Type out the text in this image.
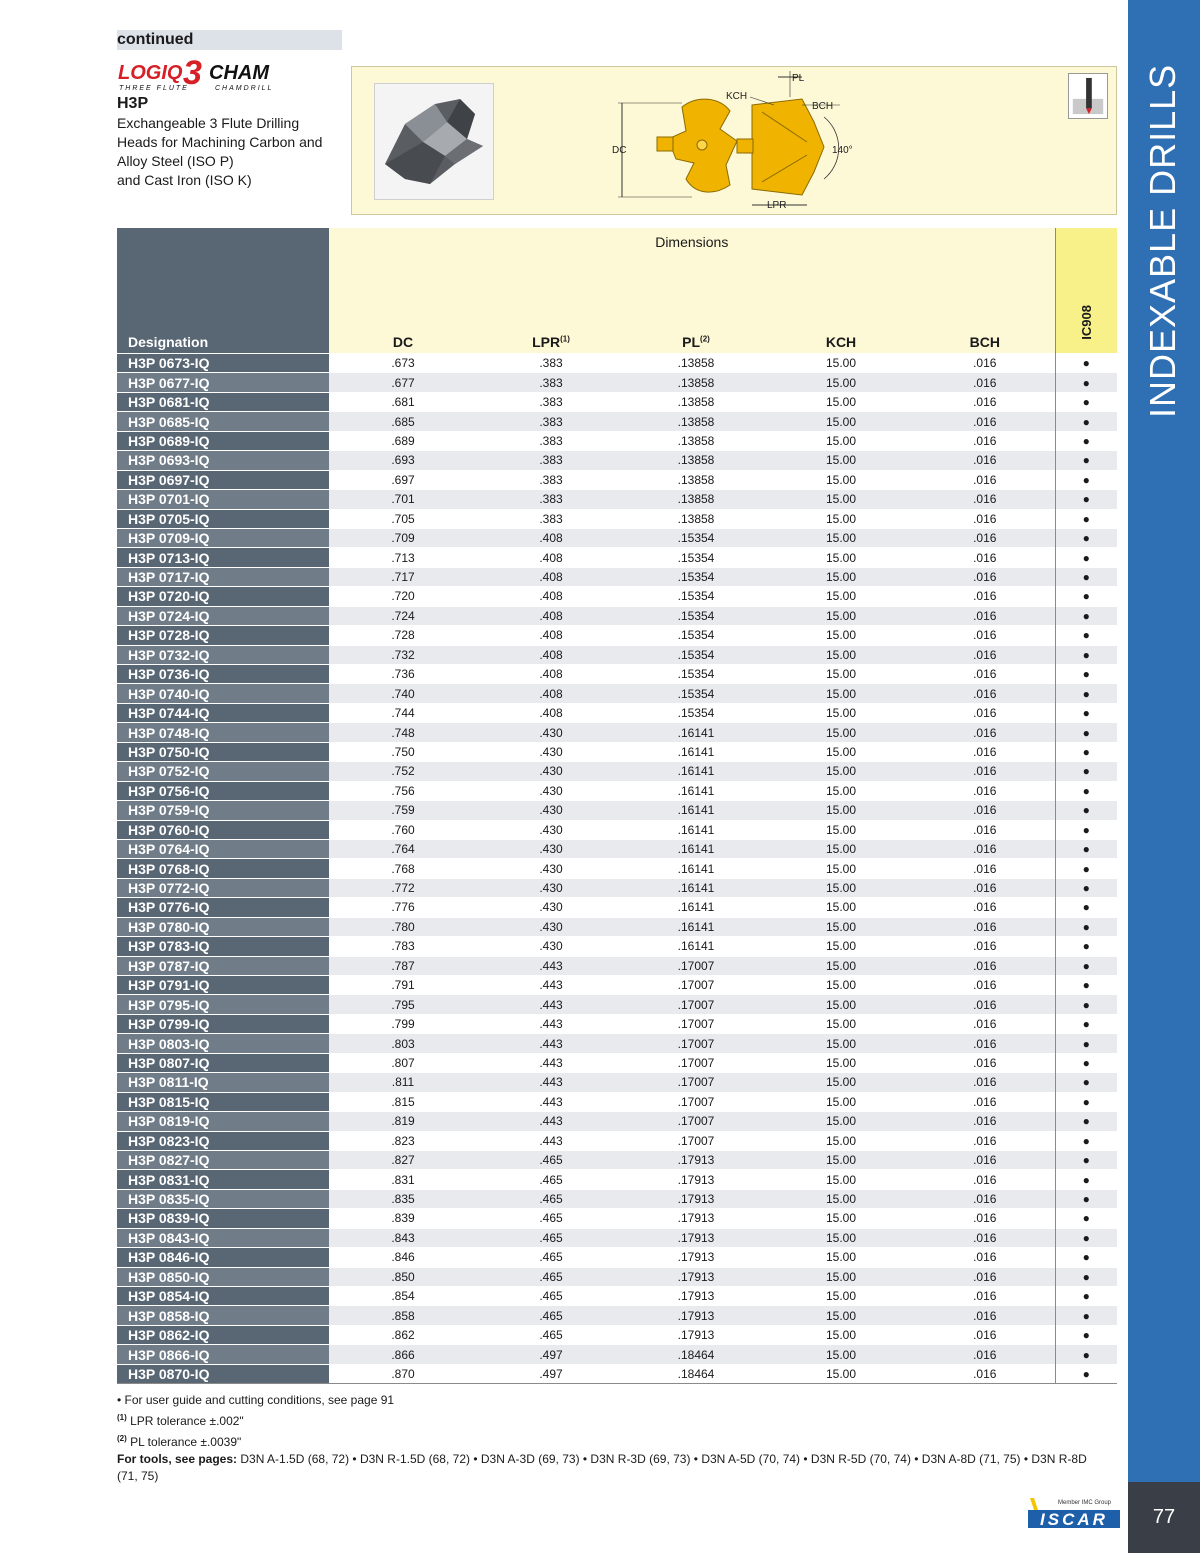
INDEXABLE DRILLS
77
continued
LOGIQ 3 CHAM
THREE FLUTE	CHAMDRILL
H3P
Exchangeable 3 Flute Drilling
Heads for Machining Carbon and
Alloy Steel (ISO P)
and Cast Iron (ISO K)
DC
LPR
PL
KCH
BCH
140°
Designation	Dimensions					IC908
	DC	LPR$^{(1)}$	PL$^{(2)}$	KCH	BCH	
H3P 0673-IQ	.673	.383	.13858	15.00	.016	●
H3P 0677-IQ	.677	.383	.13858	15.00	.016	●
H3P 0681-IQ	.681	.383	.13858	15.00	.016	●
H3P 0685-IQ	.685	.383	.13858	15.00	.016	●
H3P 0689-IQ	.689	.383	.13858	15.00	.016	●
H3P 0693-IQ	.693	.383	.13858	15.00	.016	●
H3P 0697-IQ	.697	.383	.13858	15.00	.016	●
H3P 0701-IQ	.701	.383	.13858	15.00	.016	●
H3P 0705-IQ	.705	.383	.13858	15.00	.016	●
H3P 0709-IQ	.709	.408	.15354	15.00	.016	●
H3P 0713-IQ	.713	.408	.15354	15.00	.016	●
H3P 0717-IQ	.717	.408	.15354	15.00	.016	●
H3P 0720-IQ	.720	.408	.15354	15.00	.016	●
H3P 0724-IQ	.724	.408	.15354	15.00	.016	●
H3P 0728-IQ	.728	.408	.15354	15.00	.016	●
H3P 0732-IQ	.732	.408	.15354	15.00	.016	●
H3P 0736-IQ	.736	.408	.15354	15.00	.016	●
H3P 0740-IQ	.740	.408	.15354	15.00	.016	●
H3P 0744-IQ	.744	.408	.15354	15.00	.016	●
H3P 0748-IQ	.748	.430	.16141	15.00	.016	●
H3P 0750-IQ	.750	.430	.16141	15.00	.016	●
H3P 0752-IQ	.752	.430	.16141	15.00	.016	●
H3P 0756-IQ	.756	.430	.16141	15.00	.016	●
H3P 0759-IQ	.759	.430	.16141	15.00	.016	●
H3P 0760-IQ	.760	.430	.16141	15.00	.016	●
H3P 0764-IQ	.764	.430	.16141	15.00	.016	●
H3P 0768-IQ	.768	.430	.16141	15.00	.016	●
H3P 0772-IQ	.772	.430	.16141	15.00	.016	●
H3P 0776-IQ	.776	.430	.16141	15.00	.016	●
H3P 0780-IQ	.780	.430	.16141	15.00	.016	●
H3P 0783-IQ	.783	.430	.16141	15.00	.016	●
H3P 0787-IQ	.787	.443	.17007	15.00	.016	●
H3P 0791-IQ	.791	.443	.17007	15.00	.016	●
H3P 0795-IQ	.795	.443	.17007	15.00	.016	●
H3P 0799-IQ	.799	.443	.17007	15.00	.016	●
H3P 0803-IQ	.803	.443	.17007	15.00	.016	●
H3P 0807-IQ	.807	.443	.17007	15.00	.016	●
H3P 0811-IQ	.811	.443	.17007	15.00	.016	●
H3P 0815-IQ	.815	.443	.17007	15.00	.016	●
H3P 0819-IQ	.819	.443	.17007	15.00	.016	●
H3P 0823-IQ	.823	.443	.17007	15.00	.016	●
H3P 0827-IQ	.827	.465	.17913	15.00	.016	●
H3P 0831-IQ	.831	.465	.17913	15.00	.016	●
H3P 0835-IQ	.835	.465	.17913	15.00	.016	●
H3P 0839-IQ	.839	.465	.17913	15.00	.016	●
H3P 0843-IQ	.843	.465	.17913	15.00	.016	●
H3P 0846-IQ	.846	.465	.17913	15.00	.016	●
H3P 0850-IQ	.850	.465	.17913	15.00	.016	●
H3P 0854-IQ	.854	.465	.17913	15.00	.016	●
H3P 0858-IQ	.858	.465	.17913	15.00	.016	●
H3P 0862-IQ	.862	.465	.17913	15.00	.016	●
H3P 0866-IQ	.866	.497	.18464	15.00	.016	●
H3P 0870-IQ	.870	.497	.18464	15.00	.016	●
• For user guide and cutting conditions, see page 91
$^{(1)}$ LPR tolerance ±.002"
$^{(2)}$ PL tolerance ±.0039"
For tools, see pages: D3N A-1.5D (68, 72) • D3N R-1.5D (68, 72) • D3N A-3D (69, 73) • D3N R-3D (69, 73) • D3N A-5D (70, 74) • D3N R-5D (70, 74) • D3N A-8D (71, 75) • D3N R-8D (71, 75)
Member IMC Group
ISCAR
